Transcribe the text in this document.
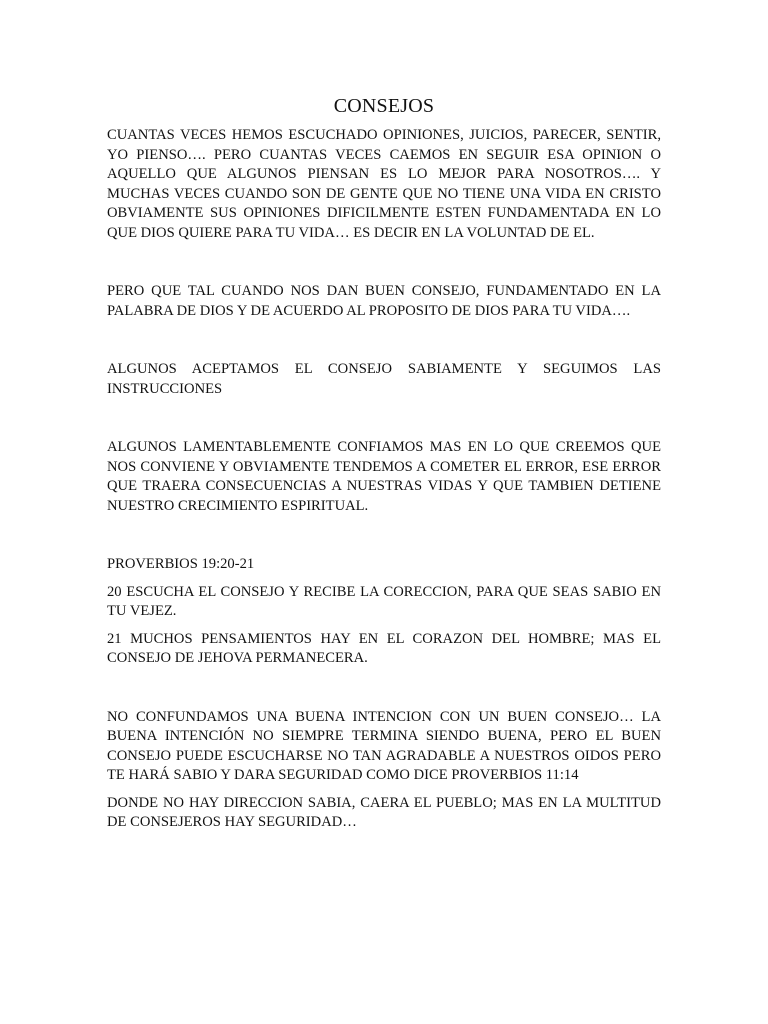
CONSEJOS

CUANTAS VECES HEMOS ESCUCHADO OPINIONES, JUICIOS, PARECER, SENTIR, YO PIENSO…. PERO CUANTAS VECES CAEMOS EN SEGUIR ESA OPINION O AQUELLO QUE ALGUNOS PIENSAN ES LO MEJOR PARA NOSOTROS…. Y MUCHAS VECES CUANDO SON DE GENTE QUE NO TIENE UNA VIDA EN CRISTO OBVIAMENTE SUS OPINIONES DIFICILMENTE ESTEN FUNDAMENTADA EN LO QUE DIOS QUIERE PARA TU VIDA… ES DECIR EN LA VOLUNTAD DE EL.

PERO QUE TAL CUANDO NOS DAN BUEN CONSEJO, FUNDAMENTADO EN LA PALABRA DE DIOS Y DE ACUERDO AL PROPOSITO DE DIOS PARA TU VIDA….

ALGUNOS ACEPTAMOS EL CONSEJO SABIAMENTE Y SEGUIMOS LAS INSTRUCCIONES

ALGUNOS LAMENTABLEMENTE CONFIAMOS MAS EN LO QUE CREEMOS QUE NOS CONVIENE Y OBVIAMENTE TENDEMOS A COMETER EL ERROR, ESE ERROR QUE TRAERA CONSECUENCIAS A NUESTRAS VIDAS Y QUE TAMBIEN DETIENE NUESTRO CRECIMIENTO ESPIRITUAL.

PROVERBIOS 19:20-21

20 ESCUCHA EL CONSEJO Y RECIBE LA CORECCION, PARA QUE SEAS SABIO EN TU VEJEZ.

21 MUCHOS PENSAMIENTOS HAY EN EL CORAZON DEL HOMBRE; MAS EL CONSEJO DE JEHOVA PERMANECERA.

NO CONFUNDAMOS UNA BUENA INTENCION CON UN BUEN CONSEJO… LA BUENA INTENCIÓN NO SIEMPRE TERMINA SIENDO BUENA, PERO EL BUEN CONSEJO PUEDE ESCUCHARSE NO TAN AGRADABLE A NUESTROS OIDOS PERO TE HARÁ SABIO Y DARA SEGURIDAD COMO DICE PROVERBIOS 11:14

DONDE NO HAY DIRECCION SABIA, CAERA EL PUEBLO; MAS EN LA MULTITUD DE CONSEJEROS HAY SEGURIDAD…
